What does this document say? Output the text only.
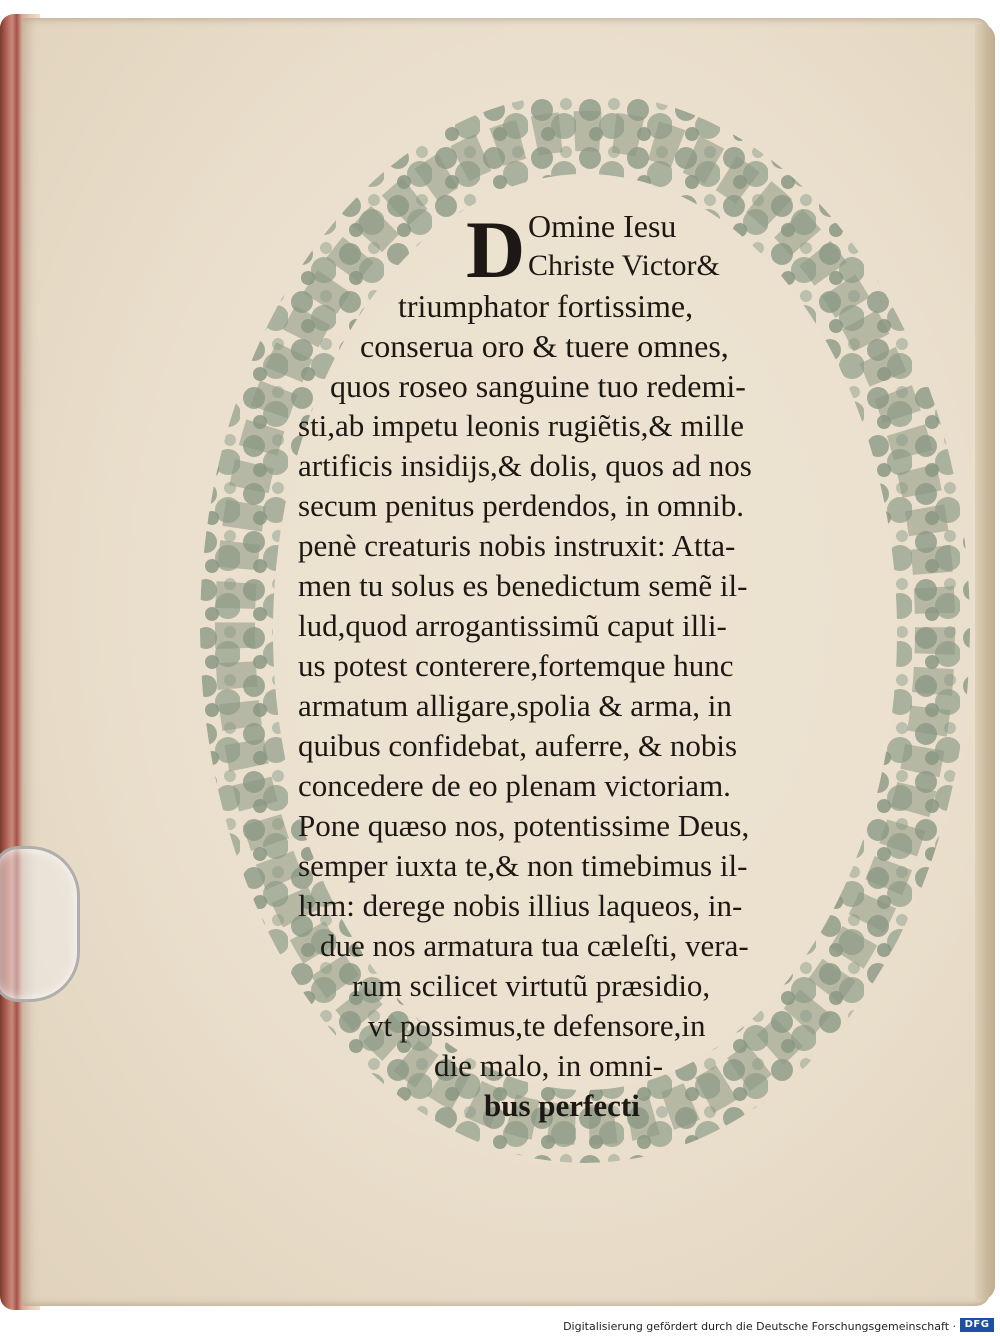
D Omine Iesu
Christe Victor&
triumphator fortissime,
conserua oro & tuere omnes,
quos roseo sanguine tuo redemi-
sti,ab impetu leonis rugiẽtis,& mille
artificis insidijs,& dolis, quos ad nos
secum penitus perdendos, in omnib.
penè creaturis nobis instruxit: Atta-
men tu solus es benedictum semẽ il-
lud,quod arrogantissimũ caput illi-
us potest conterere,fortemque hunc
armatum alligare,spolia & arma, in
quibus confidebat, auferre, & nobis
concedere de eo plenam victoriam.
Pone quæso nos, potentissime Deus,
semper iuxta te,& non timebimus il-
lum: derege nobis illius laqueos, in-
due nos armatura tua cæleſti, vera-
rum scilicet virtutũ præsidio,
vt possimus,te defensore,in
die malo, in omni-
bus perfecti
Digitalisierung gefördert durch die Deutsche Forschungsgemeinschaft · DFG
